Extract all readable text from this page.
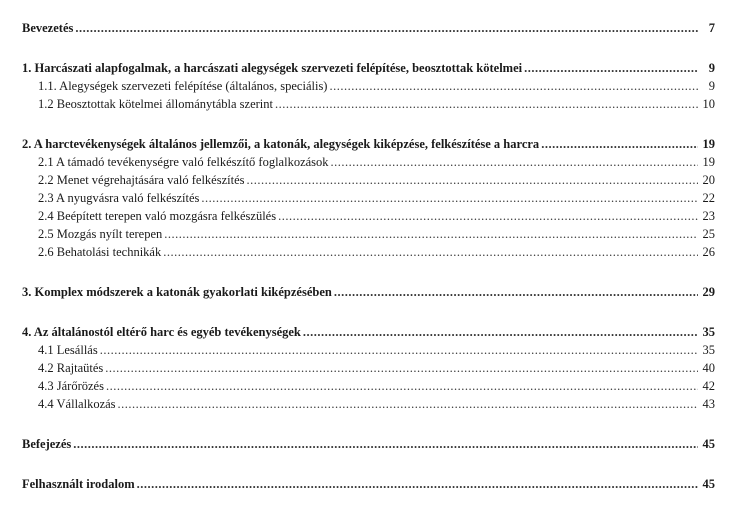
Bevezetés .....	7
1. Harcászati alapfogalmak, a harcászati alegységek szervezeti felépítése, beosztottak kötelmei .....	9
1.1. Alegységek szervezeti felépítése (általános, speciális) .....	9
1.2 Beosztottak kötelmei állománytábla szerint .....	10
2. A harctevékenységek általános jellemzői, a katonák, alegységek kiképzése, felkészítése a harcra .....	19
2.1 A támadó tevékenységre való felkészítő foglalkozások .....	19
2.2 Menet végrehajtására való felkészítés .....	20
2.3 A nyugvásra való felkészítés .....	22
2.4 Beépített terepen való mozgásra felkészülés .....	23
2.5 Mozgás nyílt terepen .....	25
2.6 Behatolási technikák .....	26
3. Komplex módszerek a katonák gyakorlati kiképzésében .....	29
4. Az általánostól eltérő harc és egyéb tevékenységek .....	35
4.1 Lesállás .....	35
4.2 Rajtaütés .....	40
4.3 Járőrözés .....	42
4.4 Vállalkozás .....	43
Befejezés .....	45
Felhasznált irodalom .....	45
